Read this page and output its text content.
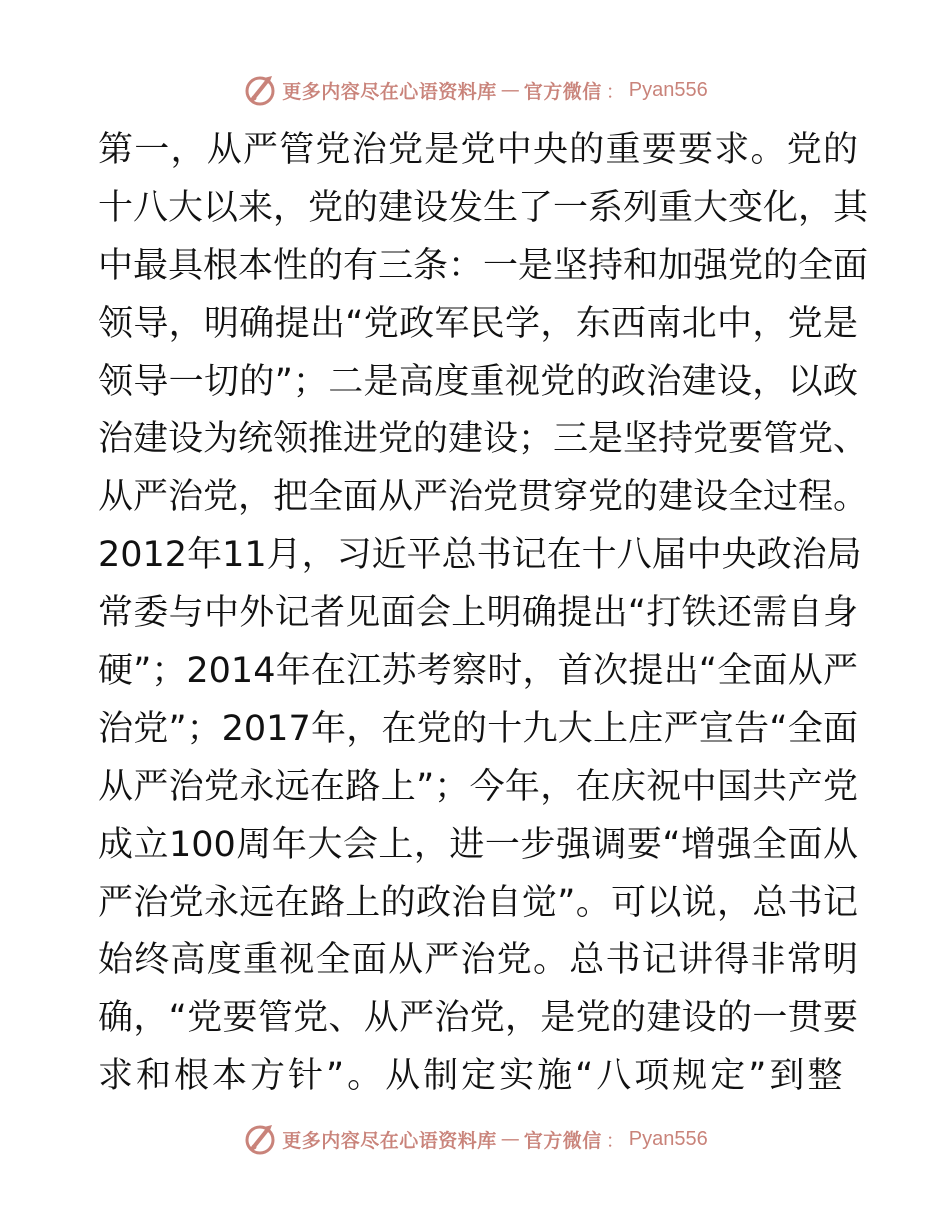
更多内容尽在心语资料库 — 官方微信 ： Pyan556
第一，从严管党治党是党中央的重要要求。党的
十八大以来，党的建设发生了一系列重大变化，其
中最具根本性的有三条：一是坚持和加强党的全面
领导，明确提出“党政军民学，东西南北中，党是
领导一切的”；二是高度重视党的政治建设，以政
治建设为统领推进党的建设；三是坚持党要管党、
从严治党，把全面从严治党贯穿党的建设全过程。
2012年11月，习近平总书记在十八届中央政治局
常委与中外记者见面会上明确提出“打铁还需自身
硬”；2014年在江苏考察时，首次提出“全面从严
治党”；2017年，在党的十九大上庄严宣告“全面
从严治党永远在路上”；今年，在庆祝中国共产党
成立100周年大会上，进一步强调要“增强全面从
严治党永远在路上的政治自觉”。可以说，总书记
始终高度重视全面从严治党。总书记讲得非常明
确，“党要管党、从严治党，是党的建设的一贯要
求和根本方针”。从制定实施“八项规定”到整
更多内容尽在心语资料库 — 官方微信 ： Pyan556
